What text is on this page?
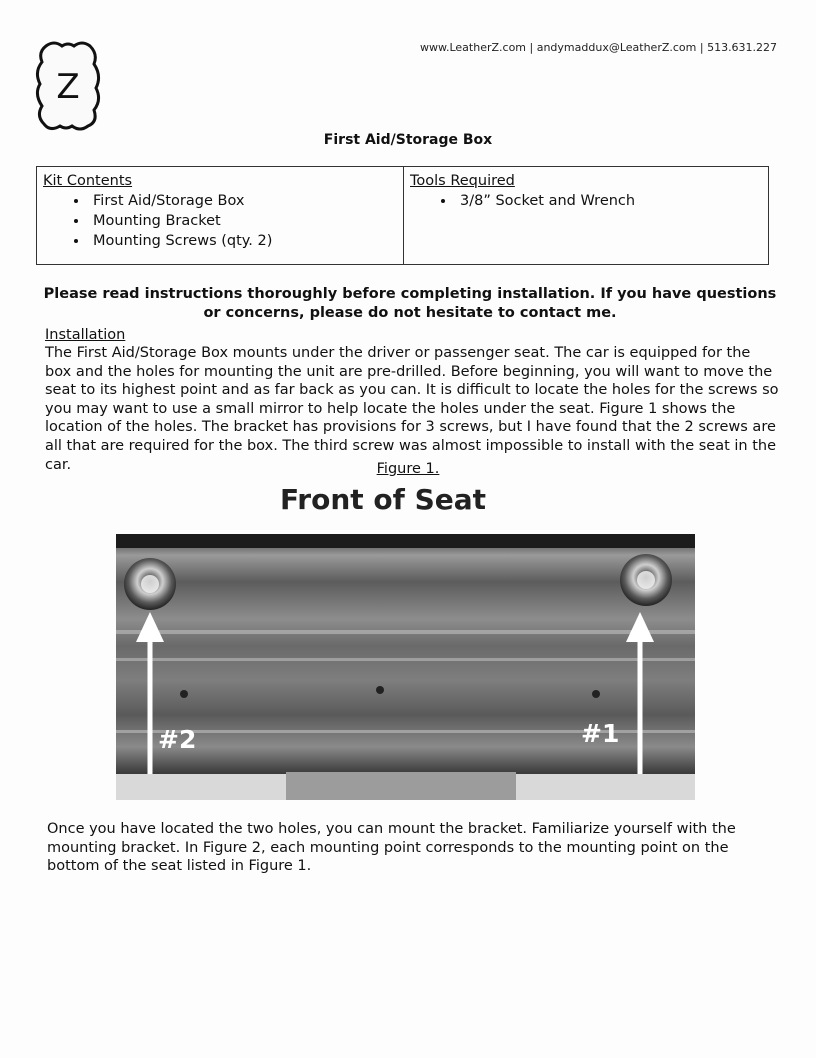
Z
www.LeatherZ.com | andymaddux@LeatherZ.com | 513.631.227
First Aid/Storage Box
Kit Contents
• First Aid/Storage Box
• Mounting Bracket
• Mounting Screws (qty. 2)
Tools Required
• 3/8” Socket and Wrench
Please read instructions thoroughly before completing installation. If you have questions or concerns, please do not hesitate to contact me.
Installation
The First Aid/Storage Box mounts under the driver or passenger seat. The car is equipped for the box and the holes for mounting the unit are pre-drilled. Before beginning, you will want to move the seat to its highest point and as far back as you can. It is difficult to locate the holes for the screws so you may want to use a small mirror to help locate the holes under the seat. Figure 1 shows the location of the holes. The bracket has provisions for 3 screws, but I have found that the 2 screws are all that are required for the box. The third screw was almost impossible to install with the seat in the car.	Figure 1.
Front of Seat
#2	#1
Once you have located the two holes, you can mount the bracket. Familiarize yourself with the mounting bracket. In Figure 2, each mounting point corresponds to the mounting point on the bottom of the seat listed in Figure 1.
